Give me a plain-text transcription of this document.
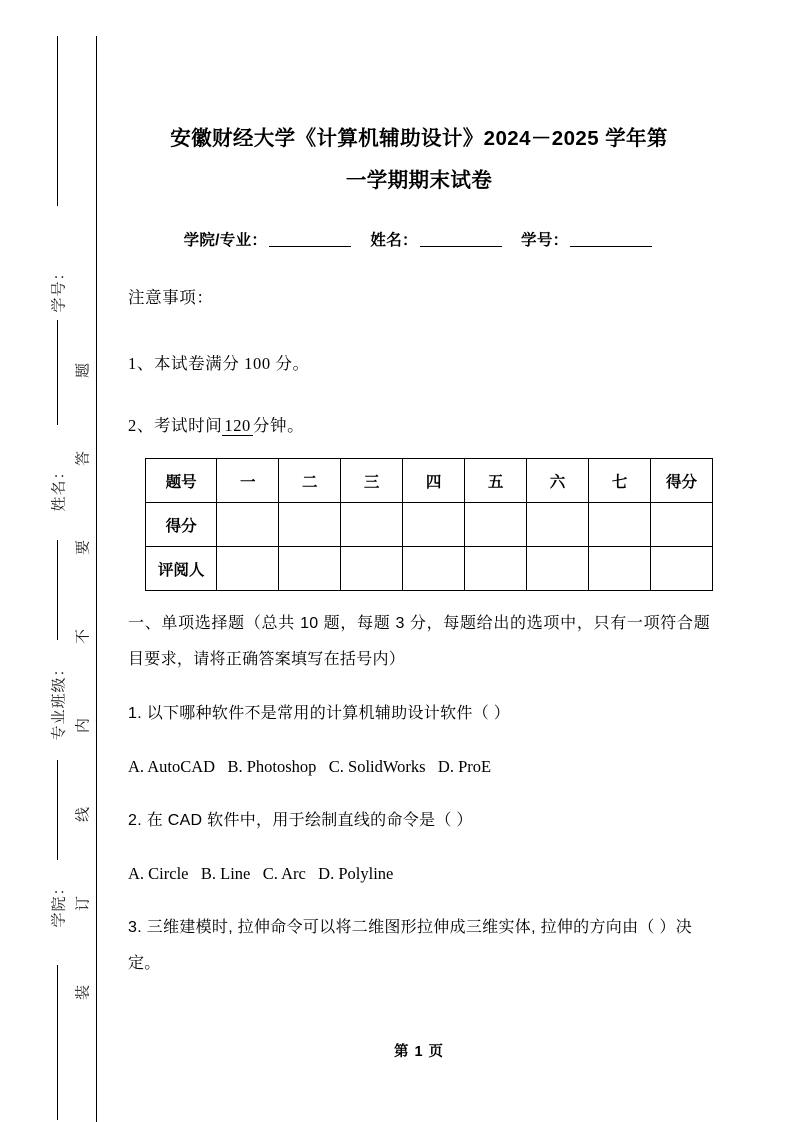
学号：
姓名：
专业班级：
学院：
题
答
要
不
内
线
订
装
安徽财经大学《计算机辅助设计》2024－2025 学年第
一学期期末试卷
学院/专业：	姓名：	学号：
注意事项：
1、本试卷满分 100 分。
2、考试时间 120 分钟。
题号	一	二	三	四	五	六	七	得分
得分								
评阅人								
一、单项选择题（总共 10 题，每题 3 分，每题给出的选项中，只有一项符合题目要求，请将正确答案填写在括号内）
1. 以下哪种软件不是常用的计算机辅助设计软件（ ）
A. AutoCAD   B. Photoshop   C. SolidWorks   D. ProE
2. 在 CAD 软件中，用于绘制直线的命令是（ ）
A. Circle   B. Line   C. Arc   D. Polyline
3. 三维建模时, 拉伸命令可以将二维图形拉伸成三维实体, 拉伸的方向由（ ）决定。
第 1 页
